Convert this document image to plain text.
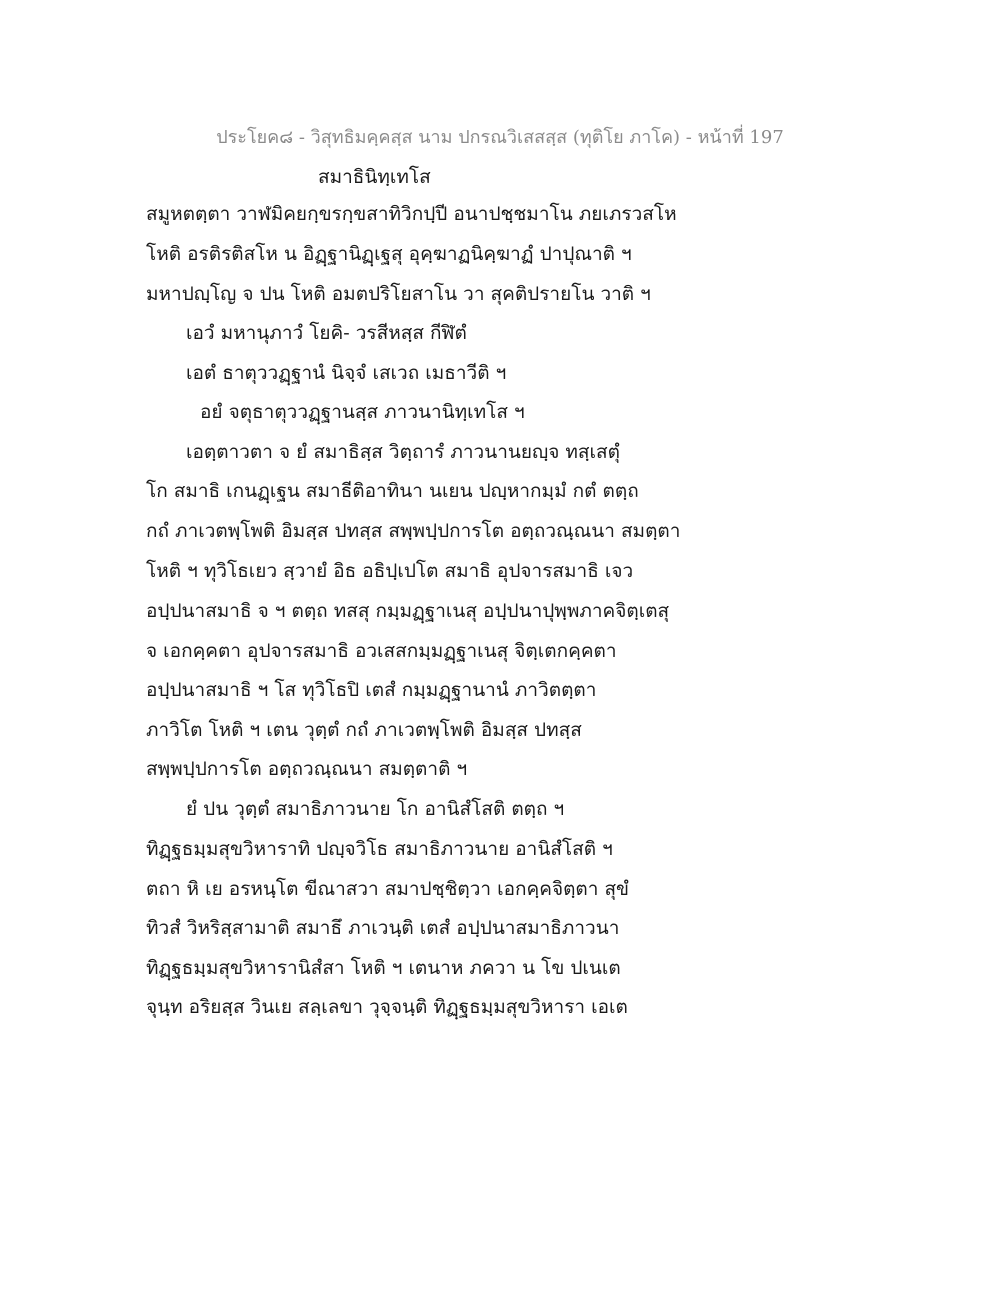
ประโยค๘ - วิสุทธิมคฺคสฺส นาม ปกรณวิเสสสฺส (ทุติโย ภาโค) - หน้าที่ 197
สมาธินิทฺเทโส
สมูหตตฺตา วาฬมิคยกฺขรกฺขสาทิวิกปฺปี อนาปชฺชมาโน ภยเภรวสโห
โหติ อรติรติสโห น อิฏฺฐานิฏฺเฐสุ อุคฺฆาฏนิคฺฆาฏํ ปาปุณาติ ฯ
มหาปญฺโญ จ ปน โหติ อมตปริโยสาโน วา สุคติปรายโน วาติ ฯ
เอวํ มหานุภาวํ โยคิ- วรสีหสฺส กีฬิตํ
เอตํ ธาตุววฏฺฐานํ นิจฺจํ เสเวถ เมธาวีติ ฯ
อยํ จตุธาตุววฏฺฐานสฺส ภาวนานิทฺเทโส ฯ
เอตฺตาวตา จ ยํ สมาธิสฺส วิตฺถารํ ภาวนานยญฺจ ทสฺเสตุํ
โก สมาธิ เกนฏฺเฐน สมาธีติอาทินา นเยน ปญฺหากมฺมํ กตํ ตตฺถ
กถํ ภาเวตพฺโพติ อิมสฺส ปทสฺส สพฺพปฺปการโต อตฺถวณฺณนา สมตฺตา
โหติ ฯ ทุวิโธเยว สฺวายํ อิธ อธิปฺเปโต สมาธิ อุปจารสมาธิ เจว
อปฺปนาสมาธิ จ ฯ ตตฺถ ทสสุ กมฺมฏฺฐาเนสุ อปฺปนาปุพฺพภาคจิตฺเตสุ
จ เอกคฺคตา อุปจารสมาธิ อวเสสกมฺมฏฺฐาเนสุ จิตฺเตกคฺคตา
อปฺปนาสมาธิ ฯ โส ทุวิโธปิ เตสํ กมฺมฏฺฐานานํ ภาวิตตฺตา
ภาวิโต โหติ ฯ เตน วุตฺตํ กถํ ภาเวตพฺโพติ อิมสฺส ปทสฺส
สพฺพปฺปการโต อตฺถวณฺณนา สมตฺตาติ ฯ
ยํ ปน วุตฺตํ สมาธิภาวนาย โก อานิสํโสติ ตตฺถ ฯ
ทิฏฺฐธมฺมสุขวิหาราทิ ปญฺจวิโธ สมาธิภาวนาย อานิสํโสติ ฯ
ตถา หิ เย อรหนฺโต ขีณาสวา สมาปชฺชิตฺวา เอกคฺคจิตฺตา สุขํ
ทิวสํ วิหริสฺสามาติ สมาธึ ภาเวนฺติ เตสํ อปฺปนาสมาธิภาวนา
ทิฏฺฐธมฺมสุขวิหารานิสํสา โหติ ฯ เตนาห ภควา น โข ปเนเต
จุนฺท อริยสฺส วินเย สลฺเลขา วุจฺจนฺติ ทิฏฺฐธมฺมสุขวิหารา เอเต
